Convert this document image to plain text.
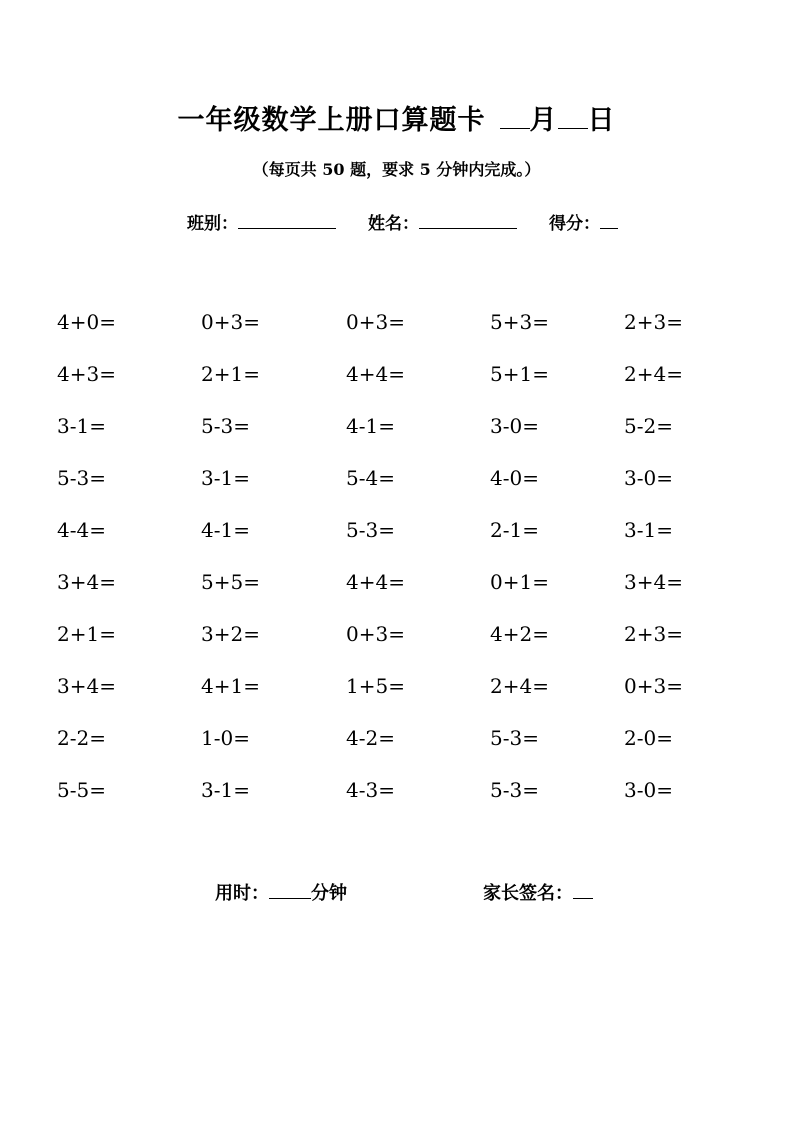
一年级数学上册口算题卡 月 日
（每页共 50 题，要求 5 分钟内完成。）
班别：	姓名：	得分：
4+0=	0+3=	0+3=	5+3=	2+3=
4+3=	2+1=	4+4=	5+1=	2+4=
3-1=	5-3=	4-1=	3-0=	5-2=
5-3=	3-1=	5-4=	4-0=	3-0=
4-4=	4-1=	5-3=	2-1=	3-1=
3+4=	5+5=	4+4=	0+1=	3+4=
2+1=	3+2=	0+3=	4+2=	2+3=
3+4=	4+1=	1+5=	2+4=	0+3=
2-2=	1-0=	4-2=	5-3=	2-0=
5-5=	3-1=	4-3=	5-3=	3-0=
用时： 分钟	家长签名：
